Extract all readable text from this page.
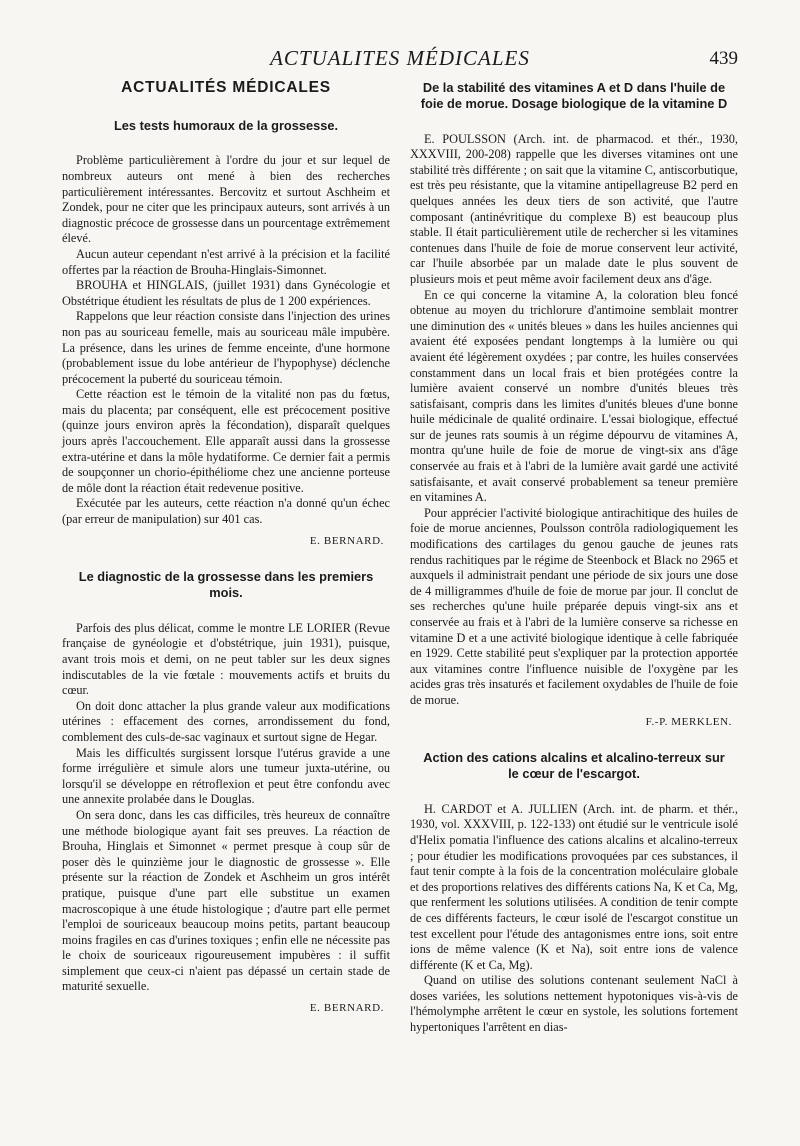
ACTUALITES MÉDICALES	439
ACTUALITÉS MÉDICALES
Les tests humoraux de la grossesse.

Problème particulièrement à l'ordre du jour et sur lequel de nombreux auteurs ont mené à bien des recherches particulièrement intéressantes. Bercovitz et surtout Aschheim et Zondek, pour ne citer que les principaux auteurs, sont arrivés à un diagnostic précoce de grossesse dans un pourcentage extrêmement élevé.

Aucun auteur cependant n'est arrivé à la précision et la facilité offertes par la réaction de Brouha-Hinglais-Simonnet.

BROUHA et HINGLAIS, (juillet 1931) dans Gynécologie et Obstétrique étudient les résultats de plus de 1 200 expériences.

Rappelons que leur réaction consiste dans l'injection des urines non pas au souriceau femelle, mais au souriceau mâle impubère. La présence, dans les urines de femme enceinte, d'une hormone (probablement issue du lobe antérieur de l'hypophyse) déclenche précocement la puberté du souriceau témoin.

Cette réaction est le témoin de la vitalité non pas du fœtus, mais du placenta; par conséquent, elle est précocement positive (quinze jours environ après la fécondation), disparaît quelques jours après l'accouchement. Elle apparaît aussi dans la grossesse extra-utérine et dans la môle hydatiforme. Ce dernier fait a permis de soupçonner un chorio-épithéliome chez une ancienne porteuse de môle dont la réaction était redevenue positive.

Exécutée par les auteurs, cette réaction n'a donné qu'un échec (par erreur de manipulation) sur 401 cas.

E. BERNARD.
Le diagnostic de la grossesse dans les premiers mois.

Parfois des plus délicat, comme le montre LE LORIER (Revue française de gynéologie et d'obstétrique, juin 1931), puisque, avant trois mois et demi, on ne peut tabler sur les deux signes indiscutables de la vie fœtale : mouvements actifs et bruits du cœur.

On doit donc attacher la plus grande valeur aux modifications utérines : effacement des cornes, arrondissement du fond, comblement des culs-de-sac vaginaux et surtout signe de Hegar.

Mais les difficultés surgissent lorsque l'utérus gravide a une forme irrégulière et simule alors une tumeur juxta-utérine, ou lorsqu'il se développe en rétroflexion et peut être confondu avec une annexite prolabée dans le Douglas.

On sera donc, dans les cas difficiles, très heureux de connaître une méthode biologique ayant fait ses preuves. La réaction de Brouha, Hinglais et Simonnet « permet presque à coup sûr de poser dès le quinzième jour le diagnostic de grossesse ». Elle présente sur la réaction de Zondek et Aschheim un gros intérêt pratique, puisque d'une part elle substitue un examen macroscopique à une étude histologique ; d'autre part elle permet l'emploi de souriceaux beaucoup moins petits, partant beaucoup moins fragiles en cas d'urines toxiques ; enfin elle ne nécessite pas le choix de souriceaux rigoureusement impubères : il suffit simplement que ceux-ci n'aient pas dépassé un certain stade de maturité sexuelle.

E. BERNARD.
De la stabilité des vitamines A et D dans l'huile de foie de morue. Dosage biologique de la vitamine D

E. POULSSON (Arch. int. de pharmacod. et thér., 1930, XXXVIII, 200-208) rappelle que les diverses vitamines ont une stabilité très différente ; on sait que la vitamine C, antiscorbutique, est très peu résistante, que la vitamine antipellagreuse B2 perd en quelques années les deux tiers de son activité, que l'autre composant (antinévritique du complexe B) est beaucoup plus stable. Il était particulièrement utile de rechercher si les vitamines contenues dans l'huile de foie de morue conservent leur activité, car l'huile absorbée par un malade date le plus souvent de plusieurs mois et peut même avoir facilement deux ans d'âge.

En ce qui concerne la vitamine A, la coloration bleu foncé obtenue au moyen du trichlorure d'antimoine semblait montrer une diminution des « unités bleues » dans les huiles anciennes qui avaient été exposées pendant longtemps à la lumière ou qui avaient été légèrement oxydées ; par contre, les huiles conservées constamment dans un local frais et bien protégées contre la lumière avaient conservé un nombre d'unités bleues très satisfaisant, compris dans les limites d'unités bleues d'une bonne huile médicinale de qualité ordinaire. L'essai biologique, effectué sur de jeunes rats soumis à un régime dépourvu de vitamines A, montra qu'une huile de foie de morue de vingt-six ans d'âge conservée au frais et à l'abri de la lumière avait gardé une activité satisfaisante, et avait conservé probablement sa teneur première en vitamines A.

Pour apprécier l'activité biologique antirachitique des huiles de foie de morue anciennes, Poulsson contrôla radiologiquement les modifications des cartilages du genou gauche de jeunes rats rendus rachitiques par le régime de Steenbock et Black no 2965 et auxquels il administrait pendant une période de six jours une dose de 4 milligrammes d'huile de foie de morue par jour. Il conclut de ses recherches qu'une huile préparée depuis vingt-six ans et conservée au frais et à l'abri de la lumière conserve sa richesse en vitamine D et a une activité biologique identique à celle fabriquée en 1929. Cette stabilité peut s'expliquer par la protection apportée aux vitamines contre l'influence nuisible de l'oxygène par les acides gras très insaturés et facilement oxydables de l'huile de foie de morue.

F.-P. MERKLEN.
Action des cations alcalins et alcalino-terreux sur le cœur de l'escargot.

H. CARDOT et A. JULLIEN (Arch. int. de pharm. et thér., 1930, vol. XXXVIII, p. 122-133) ont étudié sur le ventricule isolé d'Helix pomatia l'influence des cations alcalins et alcalino-terreux ; pour étudier les modifications provoquées par ces substances, il faut tenir compte à la fois de la concentration moléculaire globale et des proportions relatives des différents cations Na, K et Ca, Mg, que renferment les solutions utilisées. A condition de tenir compte de ces différents facteurs, le cœur isolé de l'escargot constitue un test excellent pour l'étude des antagonismes entre ions, soit entre ions de même valence (K et Na), soit entre ions de valence différente (K et Ca, Mg).

Quand on utilise des solutions contenant seulement NaCl à doses variées, les solutions nettement hypotoniques vis-à-vis de l'hémolymphe arrêtent le cœur en systole, les solutions fortement hypertoniques l'arrêtent en dias-
